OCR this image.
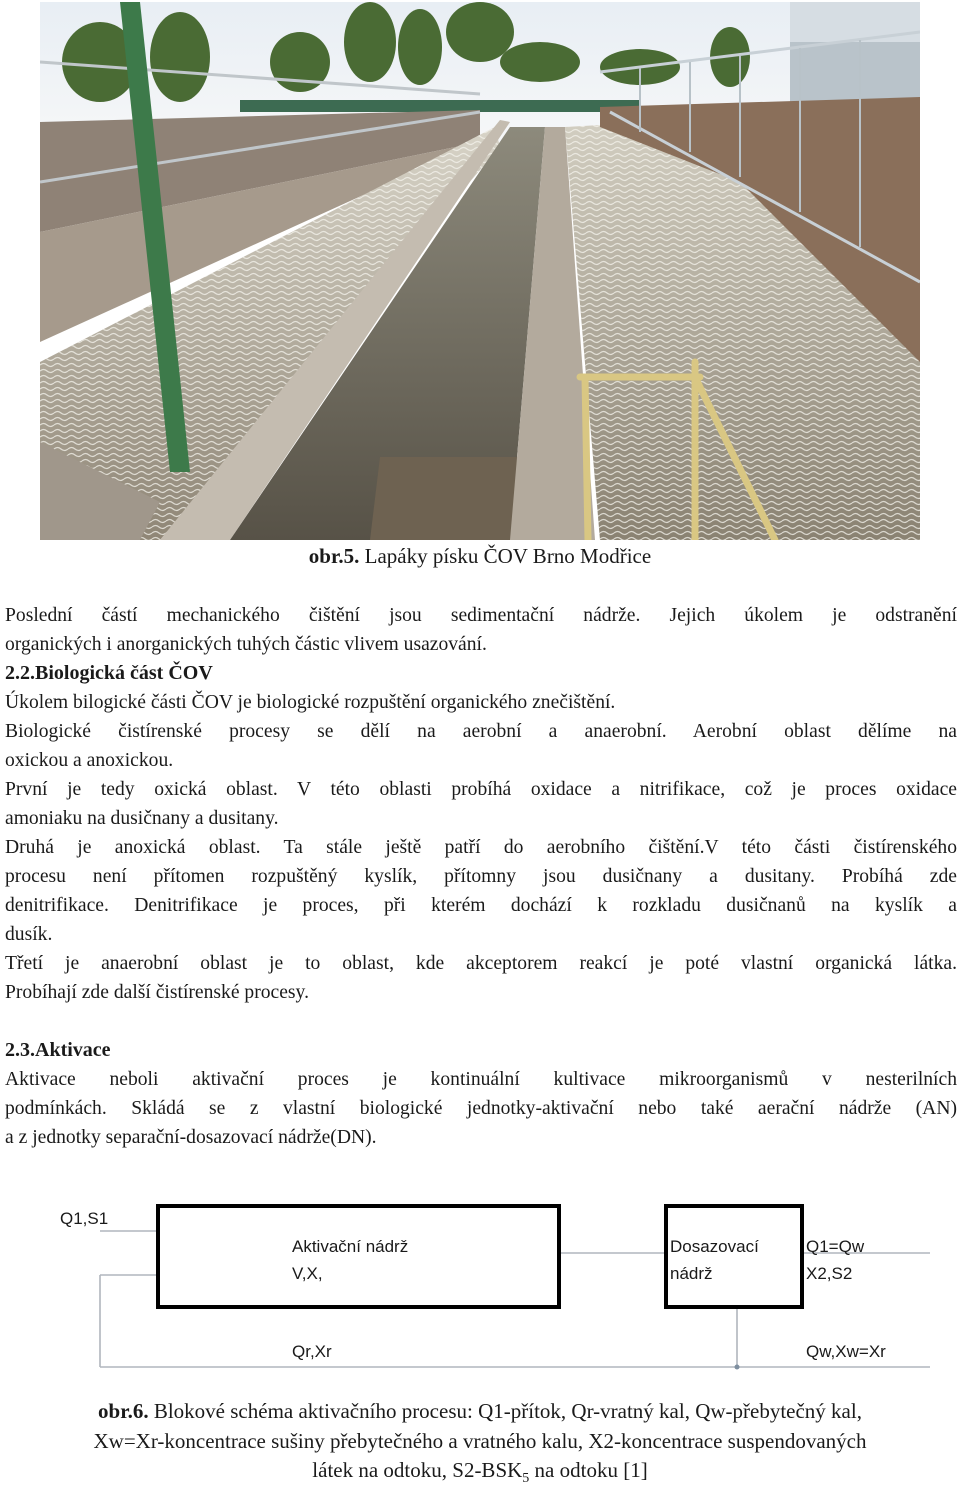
obr.5. Lapáky písku ČOV Brno Modřice

Poslední částí mechanického čištění jsou sedimentační nádrže. Jejich úkolem je odstranění

organických i anorganických tuhých částic vlivem usazování.

2.2.Biologická část ČOV

Úkolem bilogické části ČOV je biologické rozpuštění organického znečištění.

Biologické čistírenské procesy se dělí na aerobní a anaerobní. Aerobní oblast dělíme na

oxickou a anoxickou.

První je tedy oxická oblast. V této oblasti probíhá oxidace a nitrifikace, což je proces oxidace

amoniaku na dusičnany a dusitany.

Druhá je anoxická oblast. Ta stále ještě patří do aerobního čištění.V této části čistírenského

procesu není přítomen rozpuštěný kyslík, přítomny jsou dusičnany a dusitany. Probíhá zde

denitrifikace. Denitrifikace je proces, při kterém dochází k rozkladu dusičnanů na kyslík a

dusík.

Třetí je anaerobní oblast je to oblast, kde akceptorem reakcí je poté vlastní organická látka.

Probíhají zde další čistírenské procesy.

2.3.Aktivace

Aktivace neboli aktivační proces je kontinuální kultivace mikroorganismů v nesterilních

podmínkách. Skládá se z vlastní biologické jednotky-aktivační nebo také aerační nádrže (AN)

a z jednotky separační-dosazovací nádrže(DN).

Q1,S1
Aktivační nádrž
V,X,
Dosazovací
nádrž
Q1=Qw
X2,S2
Qr,Xr	Qw,Xw=Xr
obr.6. Blokové schéma aktivačního procesu: Q1-přítok, Qr-vratný kal, Qw-přebytečný kal,
Xw=Xr-koncentrace sušiny přebytečného a vratného kalu, X2-koncentrace suspendovaných
látek na odtoku, $S2-BSK_5$ na odtoku [1]
